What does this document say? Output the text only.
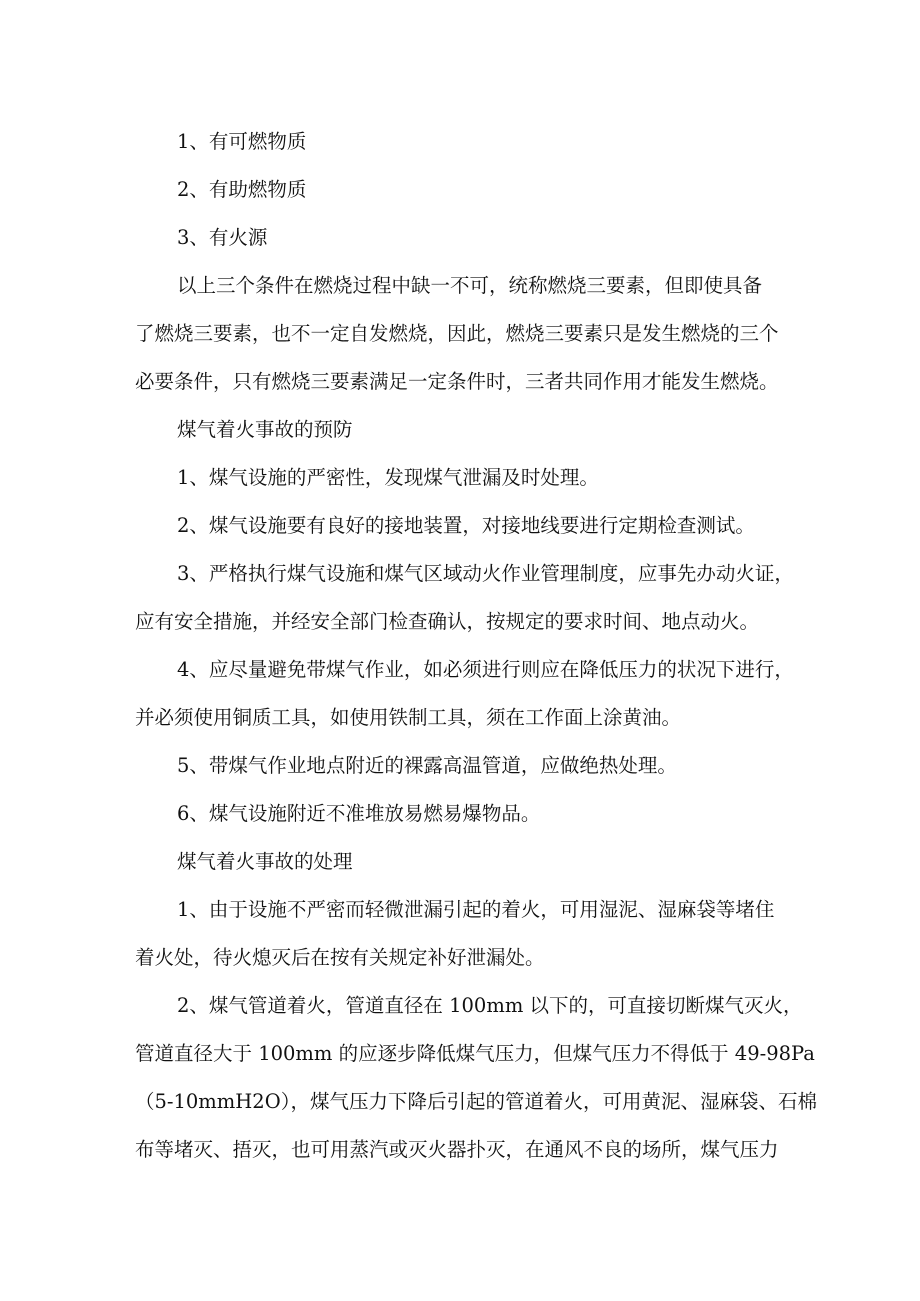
1、有可燃物质
2、有助燃物质
3、有火源
以上三个条件在燃烧过程中缺一不可，统称燃烧三要素，但即使具备
了燃烧三要素，也不一定自发燃烧，因此，燃烧三要素只是发生燃烧的三个
必要条件，只有燃烧三要素满足一定条件时，三者共同作用才能发生燃烧。
煤气着火事故的预防
1、煤气设施的严密性，发现煤气泄漏及时处理。
2、煤气设施要有良好的接地装置，对接地线要进行定期检查测试。
3、严格执行煤气设施和煤气区域动火作业管理制度，应事先办动火证，
应有安全措施，并经安全部门检查确认，按规定的要求时间、地点动火。
4、应尽量避免带煤气作业，如必须进行则应在降低压力的状况下进行，
并必须使用铜质工具，如使用铁制工具，须在工作面上涂黄油。
5、带煤气作业地点附近的裸露高温管道，应做绝热处理。
6、煤气设施附近不准堆放易燃易爆物品。
煤气着火事故的处理
1、由于设施不严密而轻微泄漏引起的着火，可用湿泥、湿麻袋等堵住
着火处，待火熄灭后在按有关规定补好泄漏处。
2、煤气管道着火，管道直径在 100mm 以下的，可直接切断煤气灭火，
管道直径大于 100mm 的应逐步降低煤气压力，但煤气压力不得低于 49-98Pa
（5-10mmH2O），煤气压力下降后引起的管道着火，可用黄泥、湿麻袋、石棉
布等堵灭、捂灭，也可用蒸汽或灭火器扑灭，在通风不良的场所，煤气压力
